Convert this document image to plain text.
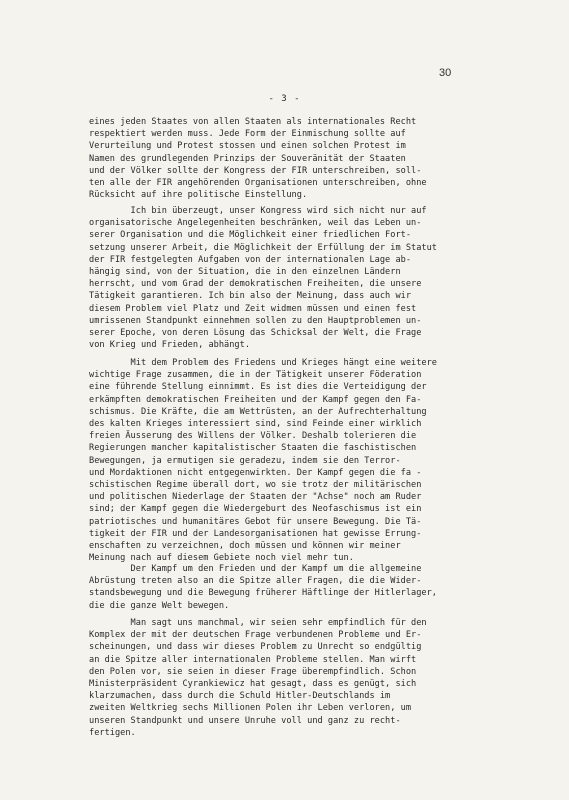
30
- 3 -
eines jeden Staates von allen Staaten als internationales Recht
respektiert werden muss. Jede Form der Einmischung sollte auf
Verurteilung und Protest stossen und einen solchen Protest im
Namen des grundlegenden Prinzips der Souveränität der Staaten
und der Völker sollte der Kongress der FIR unterschreiben, soll-
ten alle der FIR angehörenden Organisationen unterschreiben, ohne
Rücksicht auf ihre politische Einstellung.
Ich bin überzeugt, unser Kongress wird sich nicht nur auf
organisatorische Angelegenheiten beschränken, weil das Leben un-
serer Organisation und die Möglichkeit einer friedlichen Fort-
setzung unserer Arbeit, die Möglichkeit der Erfüllung der im Statut
der FIR festgelegten Aufgaben von der internationalen Lage ab-
hängig sind, von der Situation, die in den einzelnen Ländern
herrscht, und vom Grad der demokratischen Freiheiten, die unsere
Tätigkeit garantieren. Ich bin also der Meinung, dass auch wir
diesem Problem viel Platz und Zeit widmen müssen und einen fest
umrissenen Standpunkt einnehmen sollen zu den Hauptproblemen un-
serer Epoche, von deren Lösung das Schicksal der Welt, die Frage
von Krieg und Frieden, abhängt.
Mit dem Problem des Friedens und Krieges hängt eine weitere
wichtige Frage zusammen, die in der Tätigkeit unserer Föderation
eine führende Stellung einnimmt. Es ist dies die Verteidigung der
erkämpften demokratischen Freiheiten und der Kampf gegen den Fa-
schismus. Die Kräfte, die am Wettrüsten, an der Aufrechterhaltung
des kalten Krieges interessiert sind, sind Feinde einer wirklich
freien Äusserung des Willens der Völker. Deshalb tolerieren die
Regierungen mancher kapitalistischer Staaten die faschistischen
Bewegungen, ja ermutigen sie geradezu, indem sie den Terror-
und Mordaktionen nicht entgegenwirkten. Der Kampf gegen die fa -
schistischen Regime überall dort, wo sie trotz der militärischen
und politischen Niederlage der Staaten der "Achse" noch am Ruder
sind; der Kampf gegen die Wiedergeburt des Neofaschismus ist ein
patriotisches und humanitäres Gebot für unsere Bewegung. Die Tä-
tigkeit der FIR und der Landesorganisationen hat gewisse Errung-
enschaften zu verzeichnen, doch müssen und können wir meiner
Meinung nach auf diesem Gebiete noch viel mehr tun.
Der Kampf um den Frieden und der Kampf um die allgemeine
Abrüstung treten also an die Spitze aller Fragen, die die Wider-
standsbewegung und die Bewegung früherer Häftlinge der Hitlerlager,
die die ganze Welt bewegen.
Man sagt uns manchmal, wir seien sehr empfindlich für den
Komplex der mit der deutschen Frage verbundenen Probleme und Er-
scheinungen, und dass wir dieses Problem zu Unrecht so endgültig
an die Spitze aller internationalen Probleme stellen. Man wirft
den Polen vor, sie seien in dieser Frage überempfindlich. Schon
Ministerpräsident Cyrankiewicz hat gesagt, dass es genügt, sich
klarzumachen, dass durch die Schuld Hitler-Deutschlands im
zweiten Weltkrieg sechs Millionen Polen ihr Leben verloren, um
unseren Standpunkt und unsere Unruhe voll und ganz zu recht-
fertigen.
